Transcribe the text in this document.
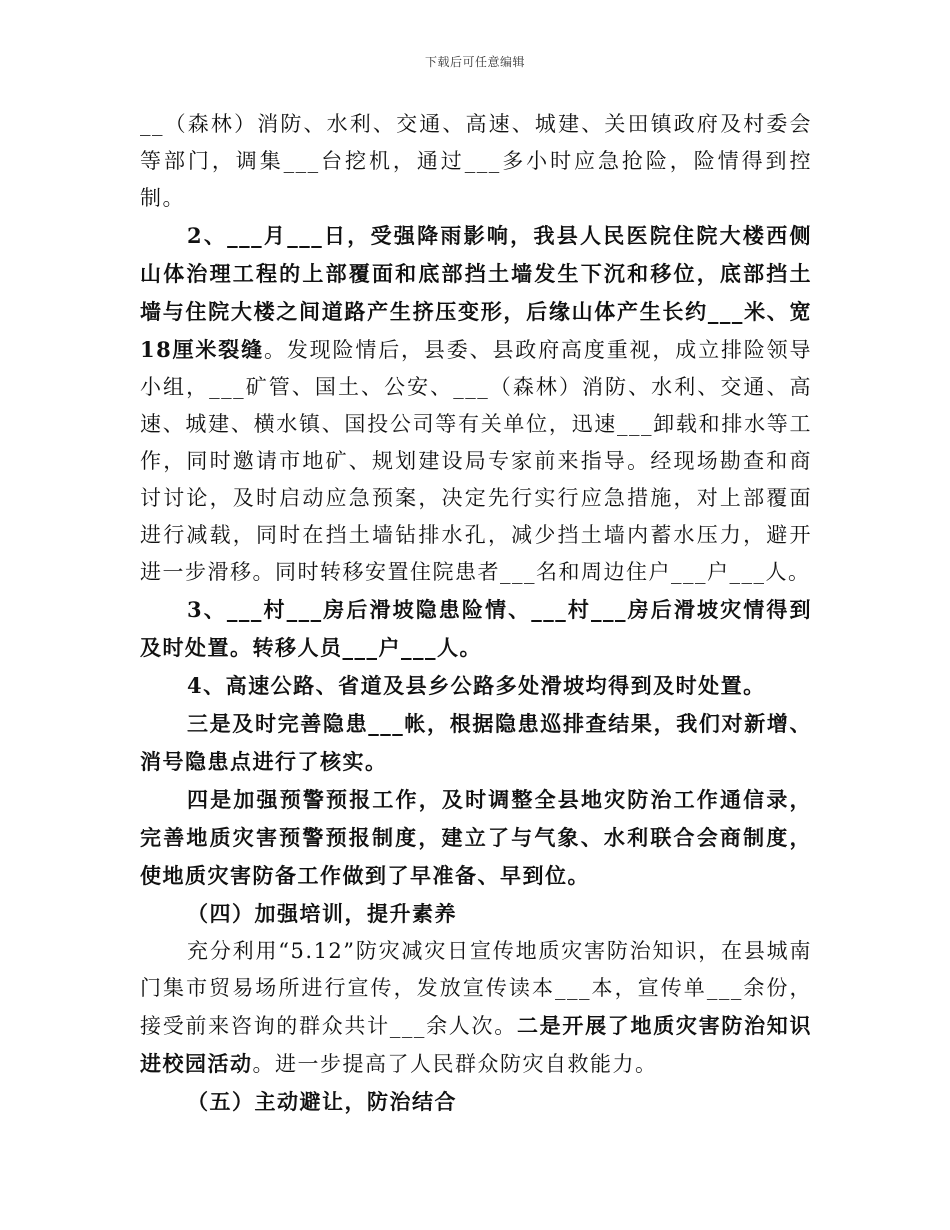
下载后可任意编辑

__（森林）消防、水利、交通、高速、城建、关田镇政府及村委会等部门，调集___台挖机，通过___多小时应急抢险，险情得到控制。

2、___月___日，受强降雨影响，我县人民医院住院大楼西侧山体治理工程的上部覆面和底部挡土墙发生下沉和移位，底部挡土墙与住院大楼之间道路产生挤压变形，后缘山体产生长约___米、宽18厘米裂缝。发现险情后，县委、县政府高度重视，成立排险领导小组，___矿管、国土、公安、___（森林）消防、水利、交通、高速、城建、横水镇、国投公司等有关单位，迅速___卸载和排水等工作，同时邀请市地矿、规划建设局专家前来指导。经现场勘查和商讨讨论，及时启动应急预案，决定先行实行应急措施，对上部覆面进行减载，同时在挡土墙钻排水孔，减少挡土墙内蓄水压力，避开进一步滑移。同时转移安置住院患者___名和周边住户___户___人。

3、___村___房后滑坡隐患险情、___村___房后滑坡灾情得到及时处置。转移人员___户___人。

4、高速公路、省道及县乡公路多处滑坡均得到及时处置。

三是及时完善隐患___帐，根据隐患巡排查结果，我们对新增、消号隐患点进行了核实。

四是加强预警预报工作，及时调整全县地灾防治工作通信录，完善地质灾害预警预报制度，建立了与气象、水利联合会商制度，使地质灾害防备工作做到了早准备、早到位。

（四）加强培训，提升素养

充分利用“5.12”防灾减灾日宣传地质灾害防治知识，在县城南门集市贸易场所进行宣传，发放宣传读本___本，宣传单___余份，接受前来咨询的群众共计___余人次。二是开展了地质灾害防治知识进校园活动。进一步提高了人民群众防灾自救能力。

（五）主动避让，防治结合
